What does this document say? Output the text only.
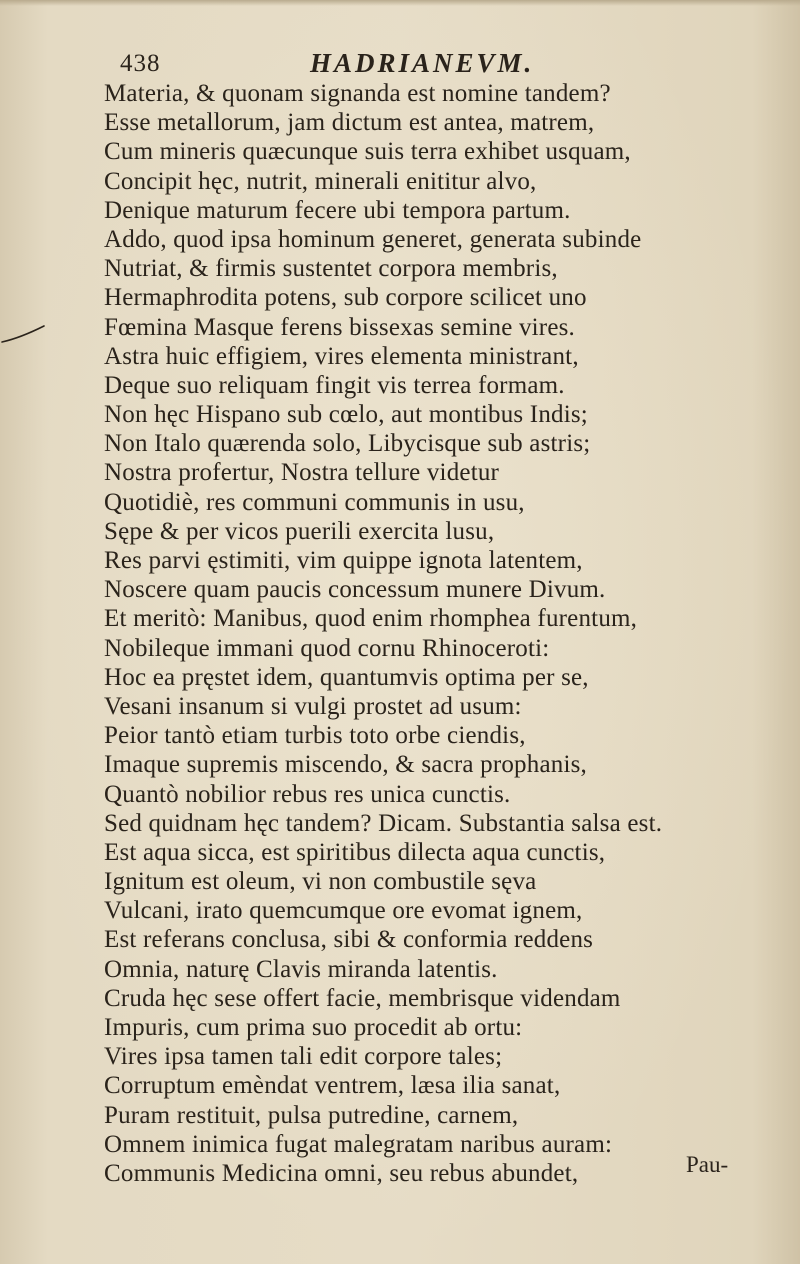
438	HADRIANEVM.
Materia, & quonam signanda est nomine tandem?
Esse metallorum, jam dictum est antea, matrem,
Cum mineris quæcunque suis terra exhibet usquam,
Concipit hęc, nutrit, minerali enititur alvo,
Denique maturum fecere ubi tempora partum.
Addo, quod ipsa hominum generet, generata subinde
Nutriat, & firmis sustentet corpora membris,
Hermaphrodita potens, sub corpore scilicet uno
Fœmina Masque ferens bissexas semine vires.
Astra huic effigiem, vires elementa ministrant,
Deque suo reliquam fingit vis terrea formam.
Non hęc Hispano sub cœlo, aut montibus Indis;
Non Italo quærenda solo, Libycisque sub astris;
Nostra profertur, Nostra tellure videtur
Quotidiè, res communi communis in usu,
Sępe & per vicos puerili exercita lusu,
Res parvi ęstimiti, vim quippe ignota latentem,
Noscere quam paucis concessum munere Divum.
Et meritò: Manibus, quod enim rhomphea furentum,
Nobileque immani quod cornu Rhinoceroti:
Hoc ea pręstet idem, quantumvis optima per se,
Vesani insanum si vulgi prostet ad usum:
Peior tantò etiam turbis toto orbe ciendis,
Imaque supremis miscendo, & sacra prophanis,
Quantò nobilior rebus res unica cunctis.
Sed quidnam hęc tandem? Dicam. Substantia salsa est.
Est aqua sicca, est spiritibus dilecta aqua cunctis,
Ignitum est oleum, vi non combustile sęva
Vulcani, irato quemcumque ore evomat ignem,
Est referans conclusa, sibi & conformia reddens
Omnia, naturę Clavis miranda latentis.
Cruda hęc sese offert facie, membrisque videndam
Impuris, cum prima suo procedit ab ortu:
Vires ipsa tamen tali edit corpore tales;
Corruptum emèndat ventrem, læsa ilia sanat,
Puram restituit, pulsa putredine, carnem,
Omnem inimica fugat malegratam naribus auram:
Communis Medicina omni, seu rebus abundet,	Pau-
